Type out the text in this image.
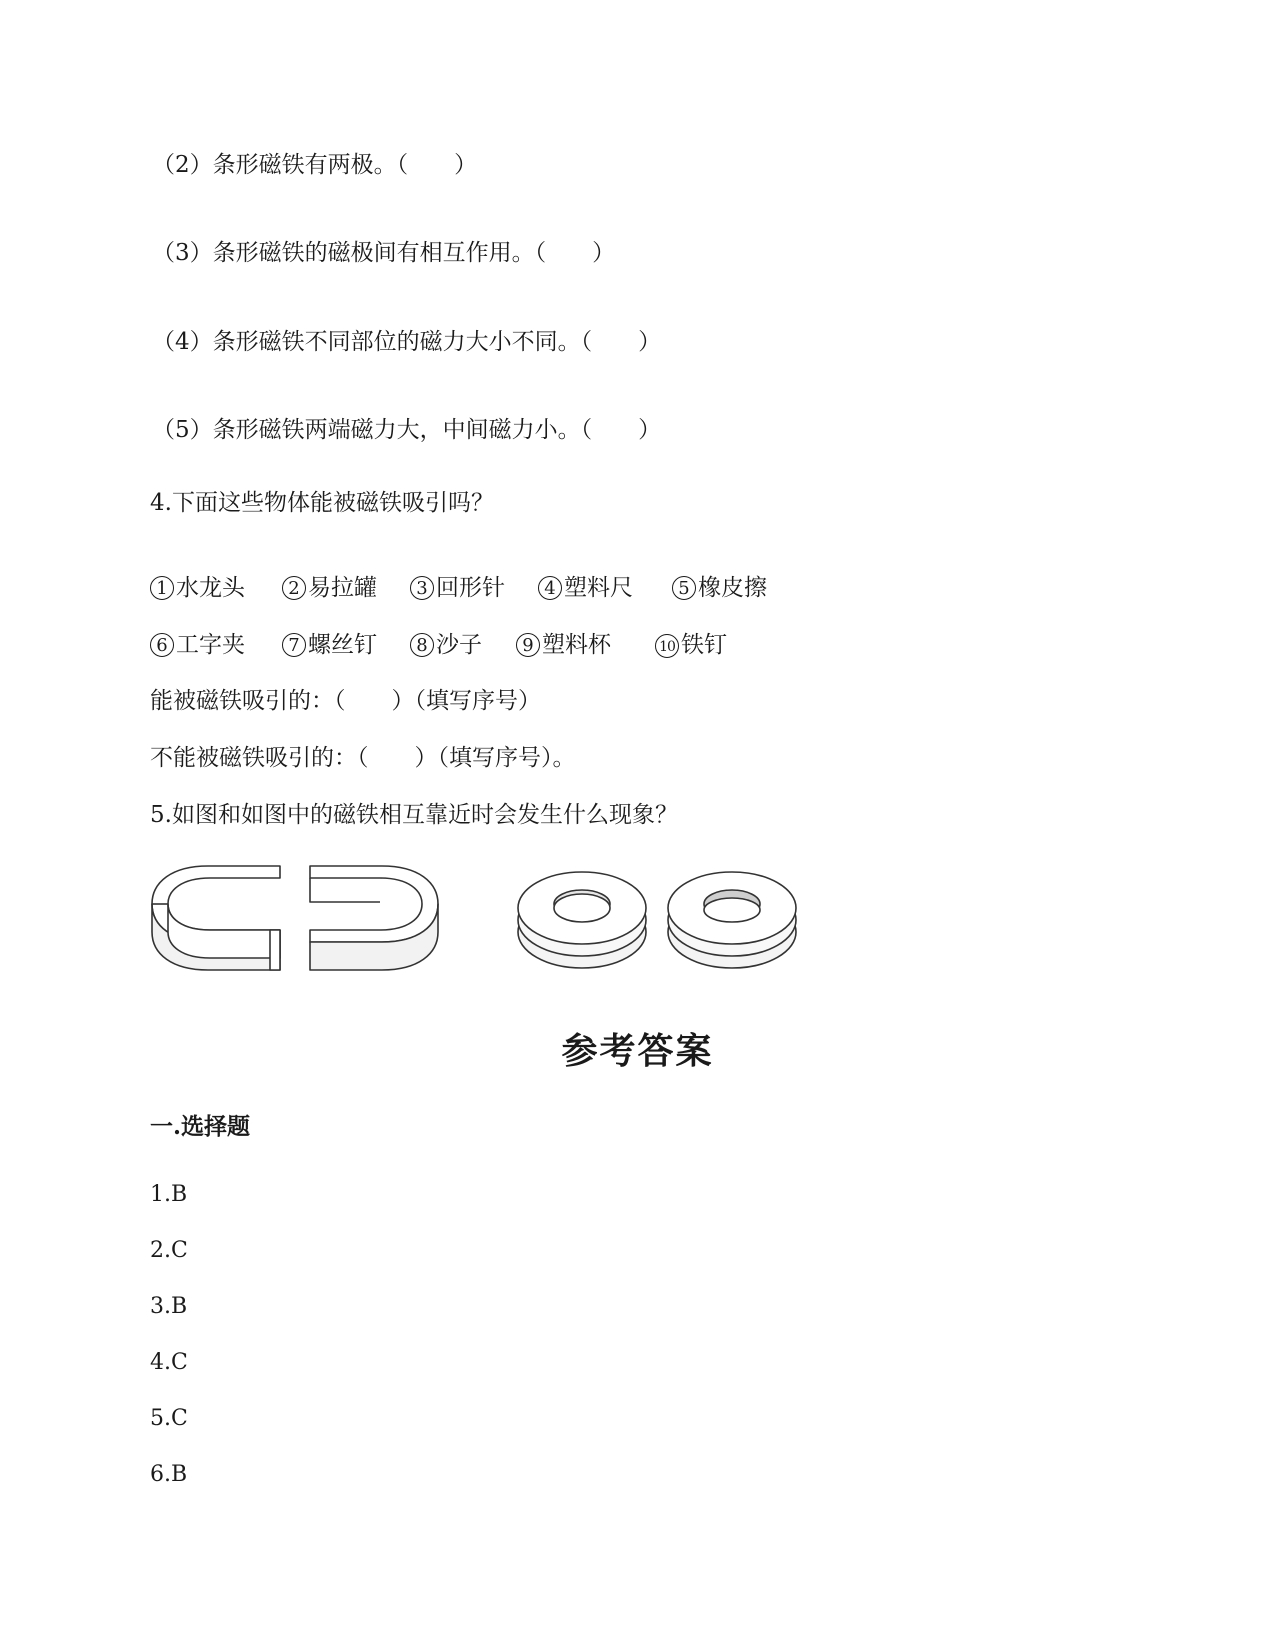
（2）条形磁铁有两极。（　　）
（3）条形磁铁的磁极间有相互作用。（　　）
（4）条形磁铁不同部位的磁力大小不同。（　　）
（5）条形磁铁两端磁力大，中间磁力小。（　　）
4.下面这些物体能被磁铁吸引吗？
1 水龙头	2 易拉罐	3 回形针	4 塑料尺	5 橡皮擦
6 工字夹	7 螺丝钉	8 沙子	9 塑料杯	10 铁钉
能被磁铁吸引的：（　　）（填写序号）
不能被磁铁吸引的：（　　）（填写序号）。
5.如图和如图中的磁铁相互靠近时会发生什么现象？
参考答案
一.选择题
1.B
2.C
3.B
4.C
5.C
6.B
